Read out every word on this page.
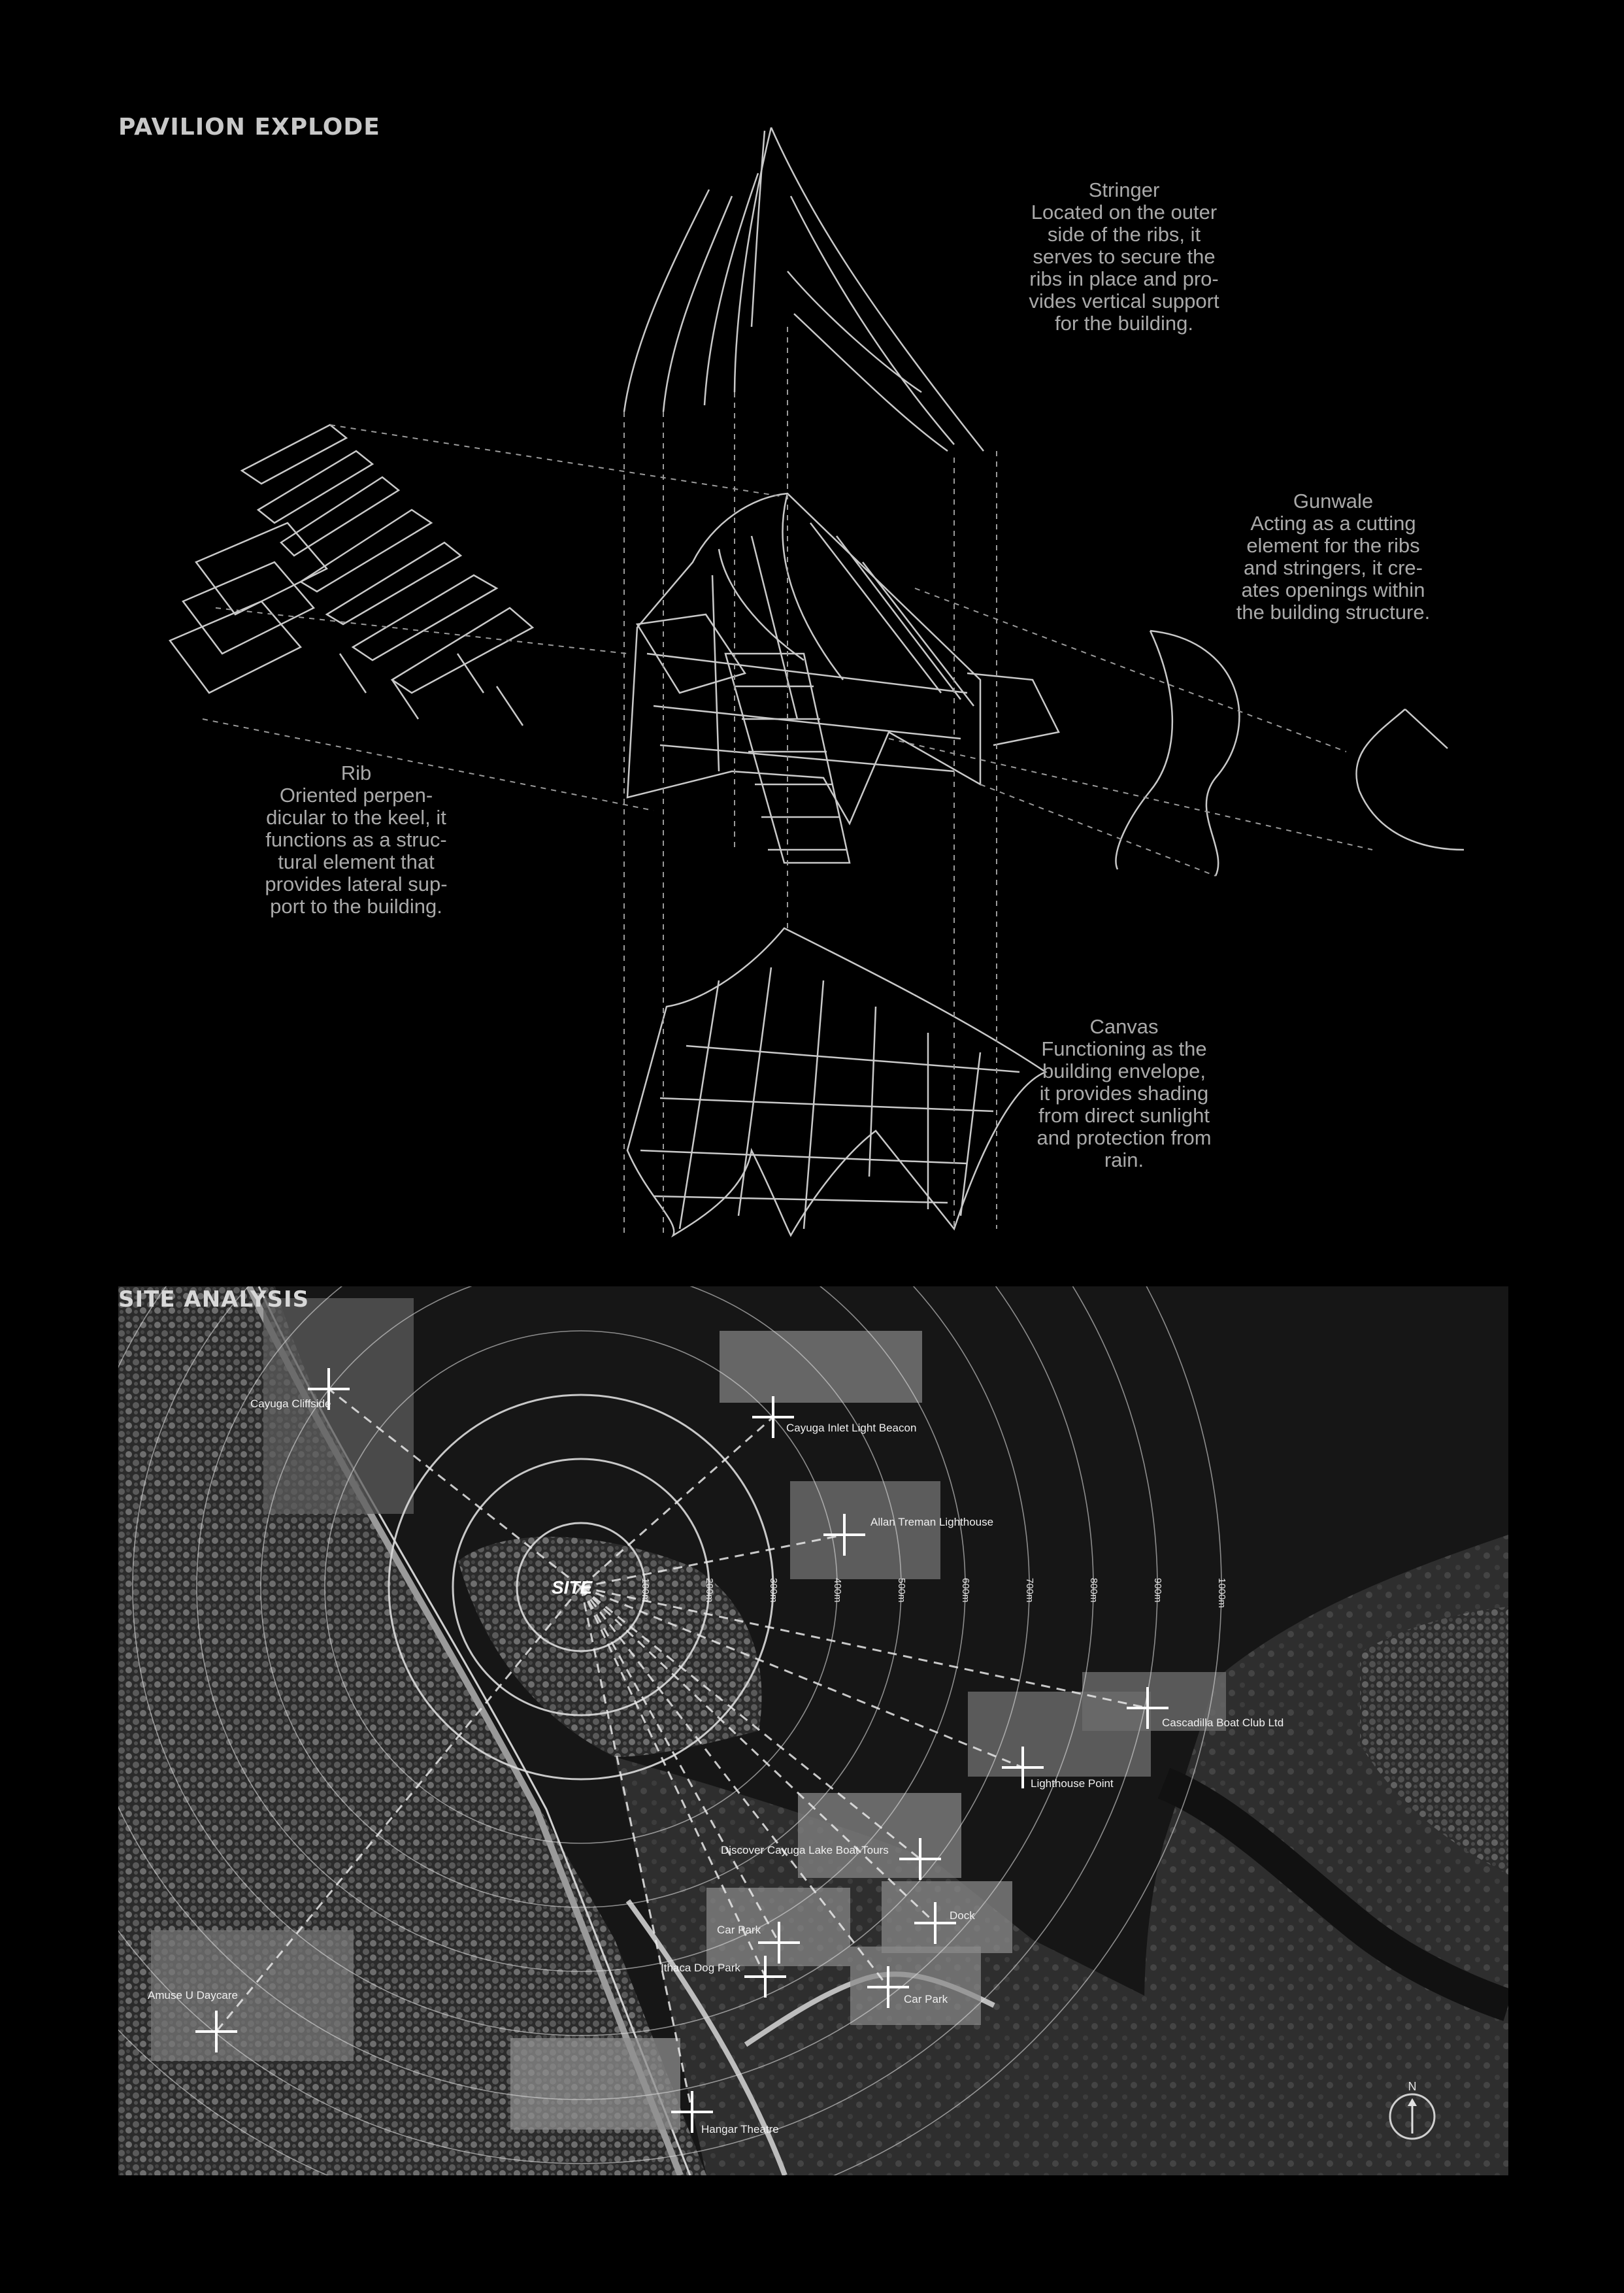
PAVILION EXPLODE
Stringer
Located on the outer
side of the ribs, it
serves to secure the
ribs in place and pro-
vides vertical support
for the building.
Gunwale
Acting as a cutting
element for the ribs
and stringers, it cre-
ates openings within
the building structure.
Rib
Oriented perpen-
dicular to the keel, it
functions as a struc-
tural element that
provides lateral sup-
port to the building.
Canvas
Functioning as the
building envelope,
it provides shading
from direct sunlight
and protection from
rain.
100m	200m	300m	400m	500m	600m	700m	800m	900m	1000m
Cayuga Cliffside
Cayuga Inlet Light Beacon
Allan Treman Lighthouse
Cascadilla Boat Club Ltd
Lighthouse Point
Discover Cayuga Lake Boat Tours
Dock
Car Park
Ithaca Dog Park
Car Park
Amuse U Daycare
Hangar Theatre
SITE
N
SITE ANALYSIS
